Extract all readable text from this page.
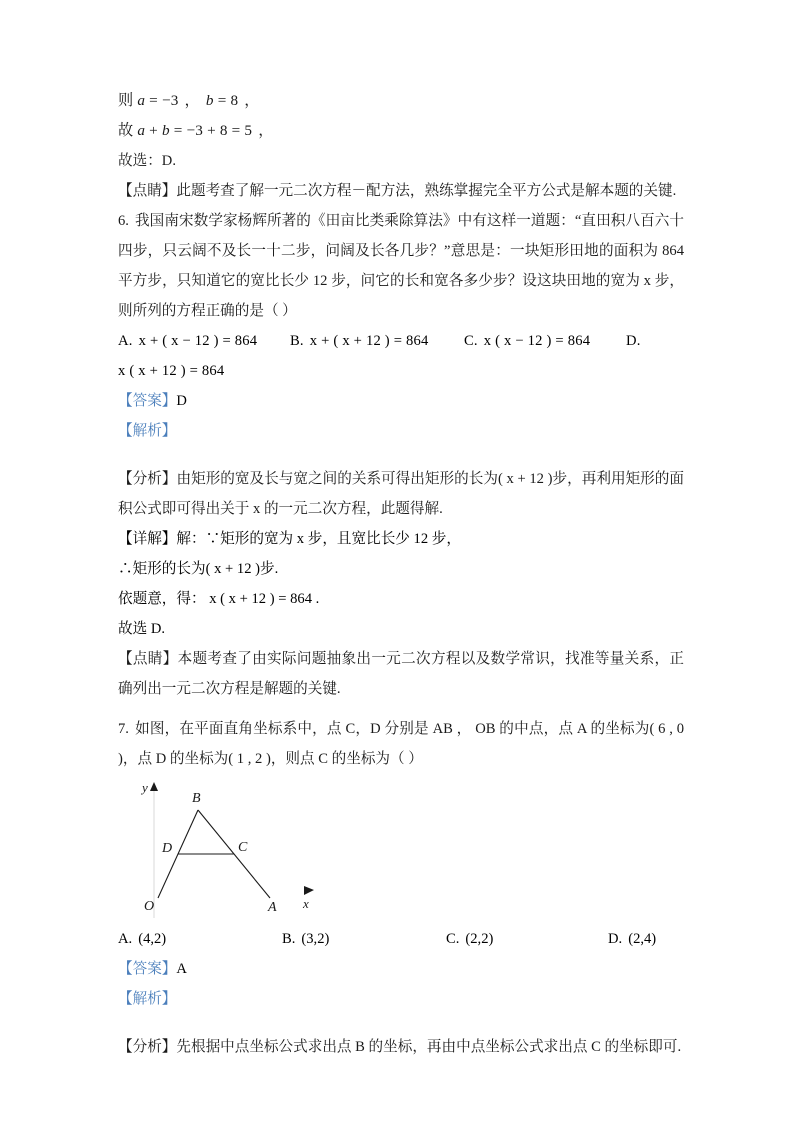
则 a = −3 ， b = 8 ，
故 a + b = −3 + 8 = 5 ，
故选：D.
【点睛】此题考查了解一元二次方程－配方法，熟练掌握完全平方公式是解本题的关键.
6. 我国南宋数学家杨辉所著的《田亩比类乘除算法》中有这样一道题：“直田积八百六十四步，只云阔不及长一十二步，问阔及长各几步？”意思是：一块矩形田地的面积为 864 平方步，只知道它的宽比长少 12 步，问它的长和宽各多少步？设这块田地的宽为 x 步，则所列的方程正确的是（ ）
A. x + ( x − 12 ) = 864 B. x + ( x + 12 ) = 864 C. x ( x − 12 ) = 864 D.
x ( x + 12 ) = 864
【答案】D
【解析】
【分析】由矩形的宽及长与宽之间的关系可得出矩形的长为( x + 12 )步，再利用矩形的面积公式即可得出关于 x 的一元二次方程，此题得解.
【详解】解：∵矩形的宽为 x 步，且宽比长少 12 步，
∴矩形的长为( x + 12 )步.
依题意，得： x ( x + 12 ) = 864 .
故选 D.
【点睛】本题考查了由实际问题抽象出一元二次方程以及数学常识，找准等量关系，正确列出一元二次方程是解题的关键.
7. 如图，在平面直角坐标系中，点 C，D 分别是 AB ， OB 的中点，点 A 的坐标为( 6 , 0 )，点 D 的坐标为( 1 , 2 )，则点 C 的坐标为（ ）
y
x
B
D	C
O	A
A. (4,2)	B. (3,2)	C. (2,2)	D. (2,4)
【答案】A
【解析】
【分析】先根据中点坐标公式求出点 B 的坐标，再由中点坐标公式求出点 C 的坐标即可.
